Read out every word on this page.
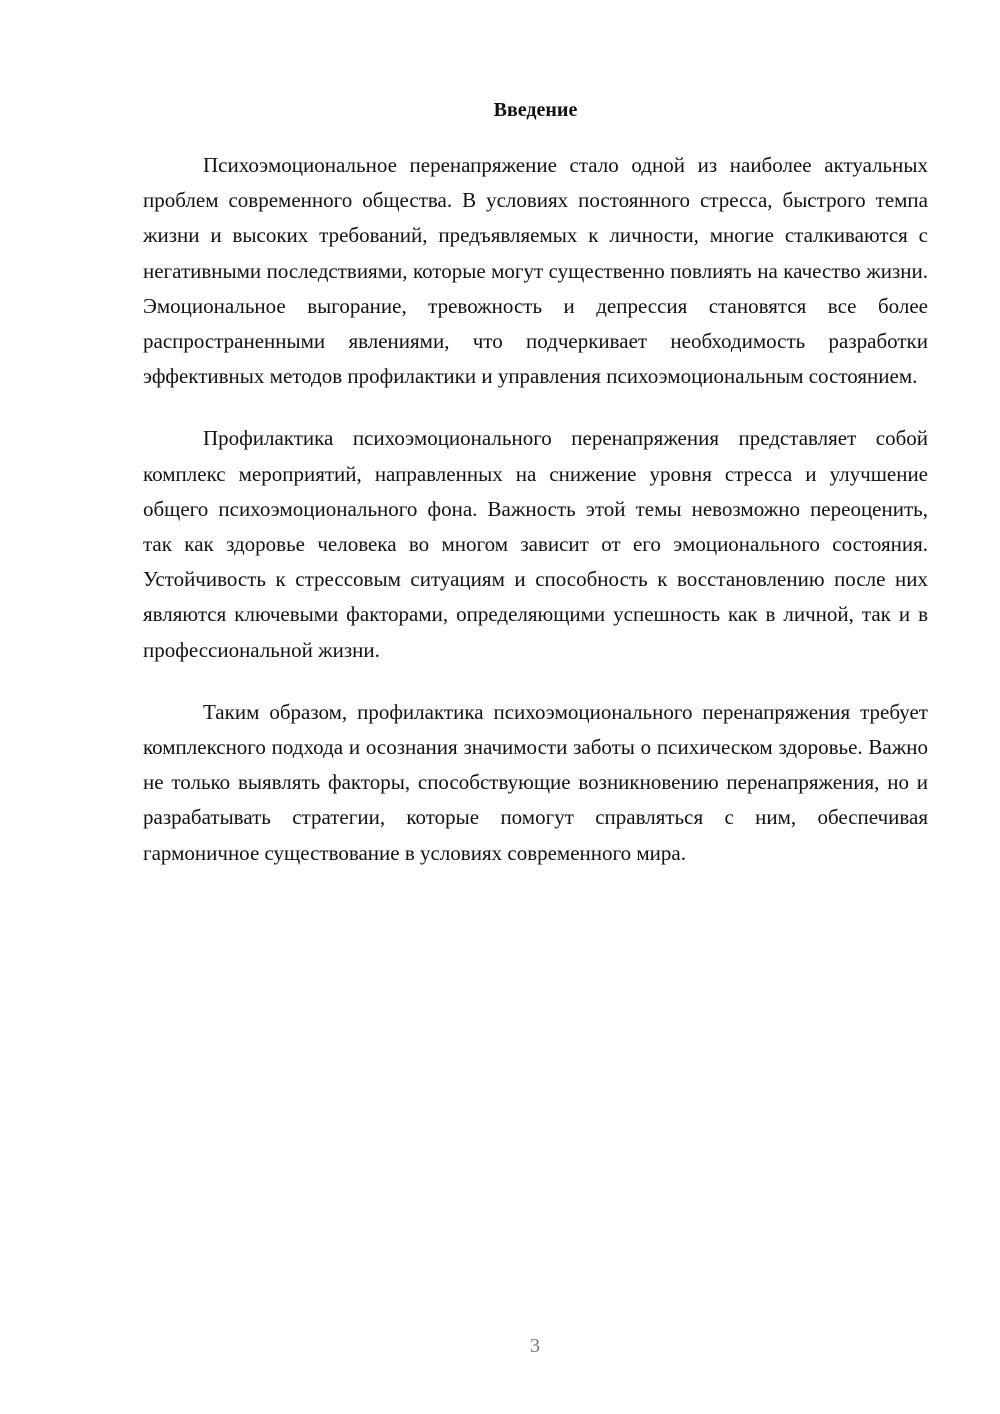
Введение

Психоэмоциональное перенапряжение стало одной из наиболее актуальных проблем современного общества. В условиях постоянного стресса, быстрого темпа жизни и высоких требований, предъявляемых к личности, многие сталкиваются с негативными последствиями, которые могут существенно повлиять на качество жизни. Эмоциональное выгорание, тревожность и депрессия становятся все более распространенными явлениями, что подчеркивает необходимость разработки эффективных методов профилактики и управления психоэмоциональным состоянием.

Профилактика психоэмоционального перенапряжения представляет собой комплекс мероприятий, направленных на снижение уровня стресса и улучшение общего психоэмоционального фона. Важность этой темы невозможно переоценить, так как здоровье человека во многом зависит от его эмоционального состояния. Устойчивость к стрессовым ситуациям и способность к восстановлению после них являются ключевыми факторами, определяющими успешность как в личной, так и в профессиональной жизни.

Таким образом, профилактика психоэмоционального перенапряжения требует комплексного подхода и осознания значимости заботы о психическом здоровье. Важно не только выявлять факторы, способствующие возникновению перенапряжения, но и разрабатывать стратегии, которые помогут справляться с ним, обеспечивая гармоничное существование в условиях современного мира.

3
